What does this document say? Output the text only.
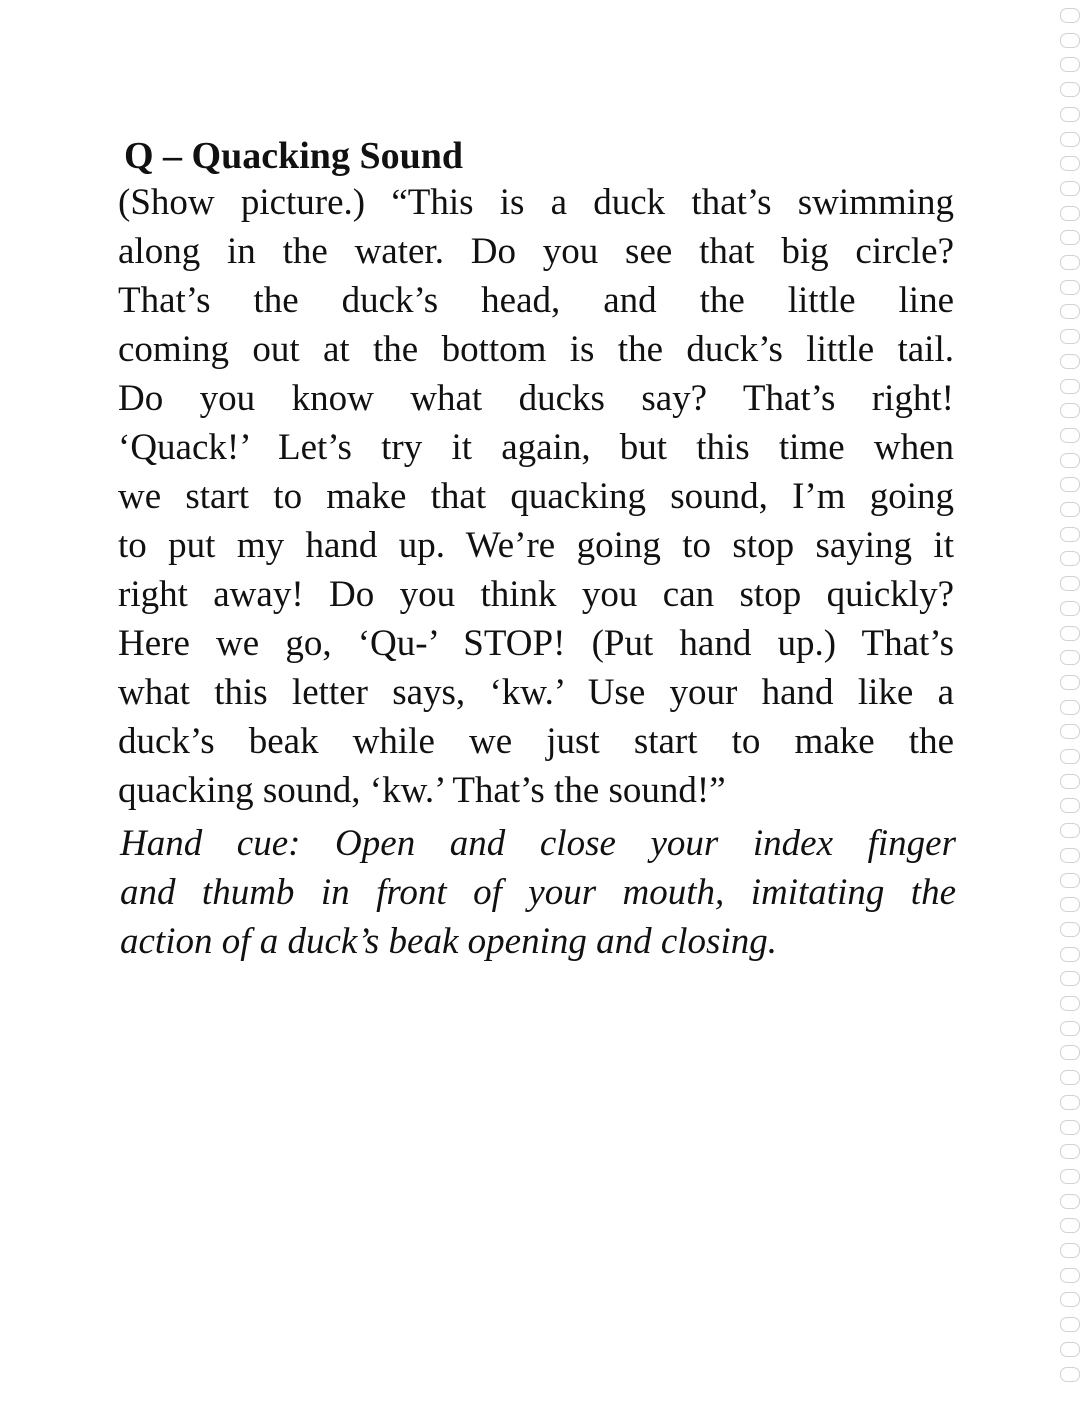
Q – Quacking Sound
(Show picture.) “This is a duck that’s swimming
along in the water. Do you see that big circle?
That’s the duck’s head, and the little line
coming out at the bottom is the duck’s little tail.
Do you know what ducks say? That’s right!
‘Quack!’ Let’s try it again, but this time when
we start to make that quacking sound, I’m going
to put my hand up. We’re going to stop saying it
right away! Do you think you can stop quickly?
Here we go, ‘Qu-’ STOP! (Put hand up.) That’s
what this letter says, ‘kw.’ Use your hand like a
duck’s beak while we just start to make the
quacking sound, ‘kw.’ That’s the sound!”
Hand cue: Open and close your index finger
and thumb in front of your mouth, imitating the
action of a duck’s beak opening and closing.
